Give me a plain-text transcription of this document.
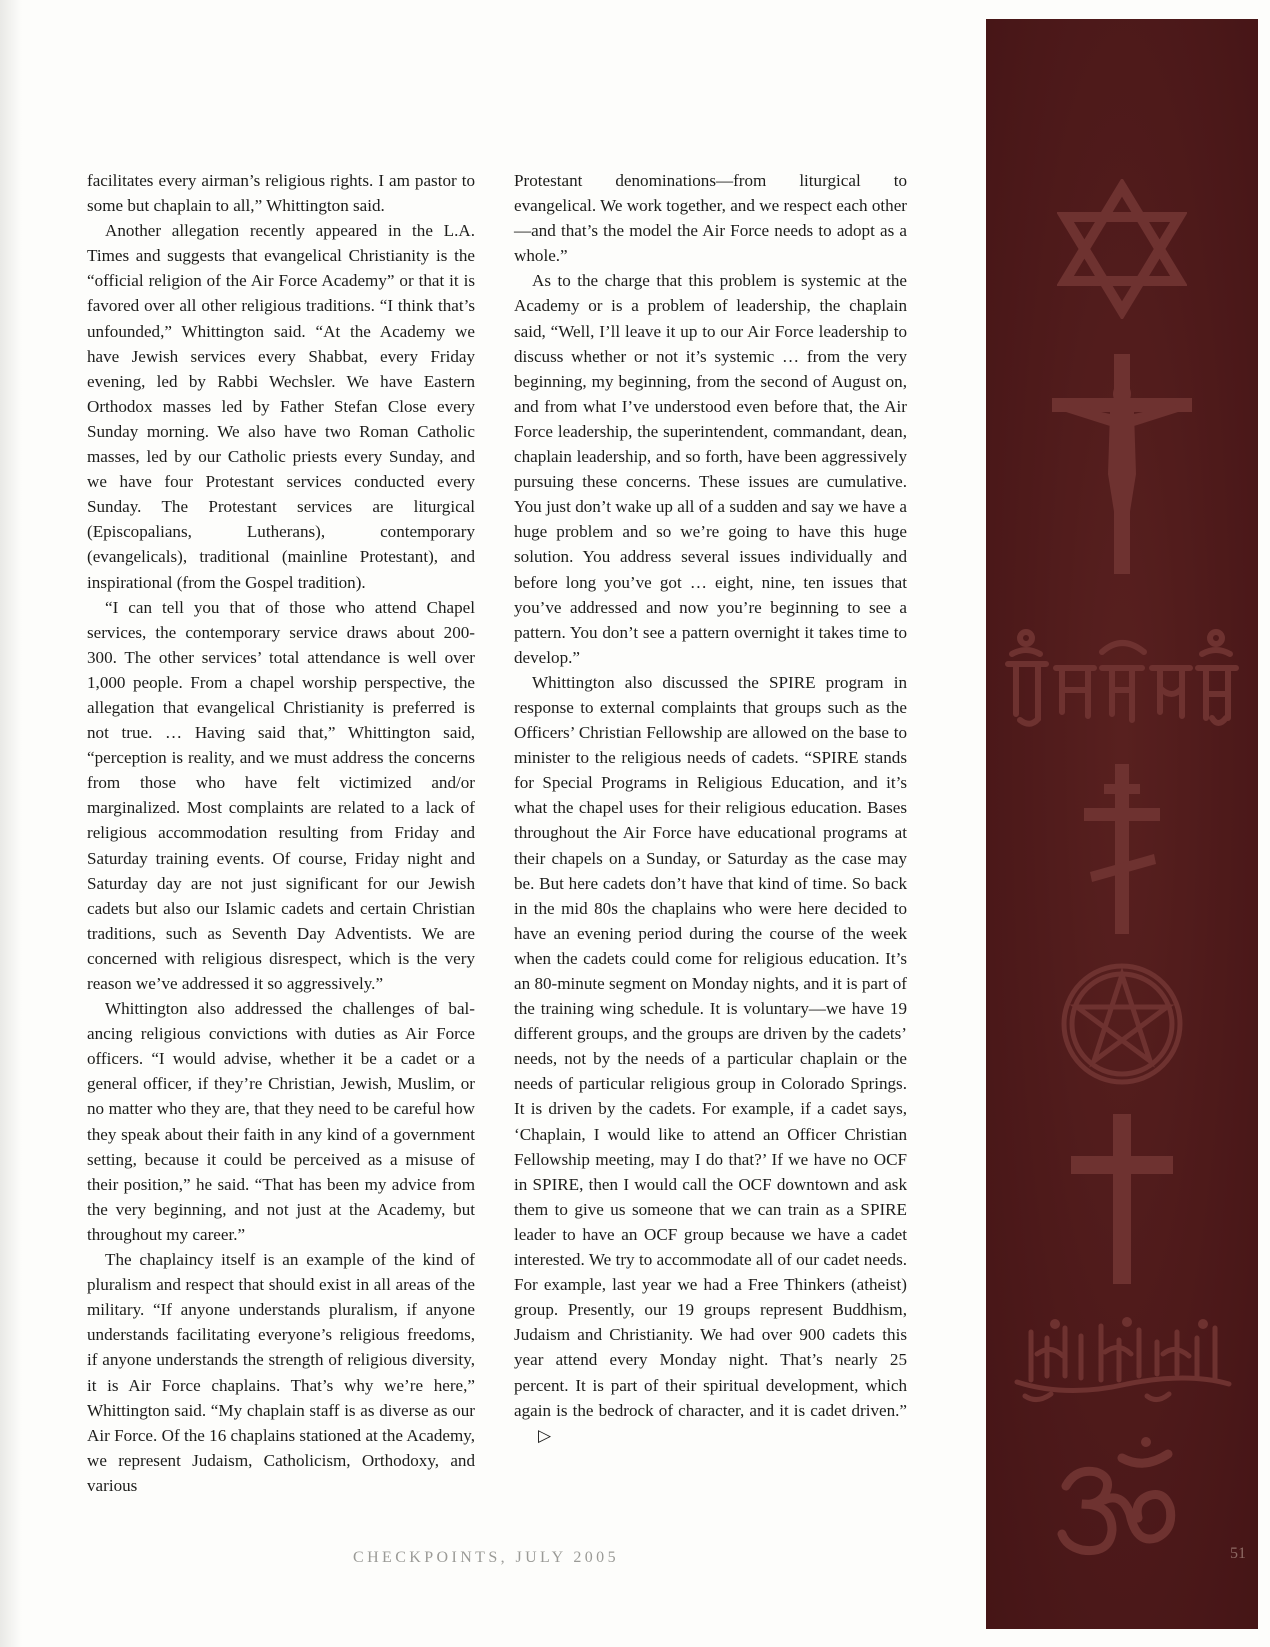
facilitates every airman’s religious rights. I am pastor to some but chaplain to all,” Whittington said.

Another allegation recently appeared in the L.A. Times and suggests that evangelical Christianity is the “official religion of the Air Force Academy” or that it is favored over all other religious traditions. “I think that’s unfounded,” Whittington said. “At the Academy we have Jewish services every Shabbat, every Friday evening, led by Rabbi Wechsler. We have Eastern Orthodox masses led by Father Stefan Close every Sunday morning. We also have two Roman Catholic masses, led by our Catholic priests every Sunday, and we have four Protestant services conducted every Sunday. The Protestant services are liturgical (Episcopalians, Lutherans), contemporary (evangelicals), traditional (mainline Protestant), and inspirational (from the Gospel tradition).

“I can tell you that of those who attend Chapel services, the contemporary service draws about 200-300. The other services’ total attendance is well over 1,000 people. From a chapel worship perspective, the allegation that evangelical Christianity is preferred is not true. … Having said that,” Whittington said, “perception is reality, and we must address the concerns from those who have felt victimized and/or marginalized. Most complaints are related to a lack of religious accommodation resulting from Friday and Saturday training events. Of course, Friday night and Saturday day are not just significant for our Jewish cadets but also our Islamic cadets and certain Christian traditions, such as Seventh Day Adventists. We are concerned with religious disrespect, which is the very reason we’ve addressed it so aggressively.”

Whittington also addressed the challenges of balancing religious convictions with duties as Air Force officers. “I would advise, whether it be a cadet or a general officer, if they’re Christian, Jewish, Muslim, or no matter who they are, that they need to be careful how they speak about their faith in any kind of a government setting, because it could be perceived as a misuse of their position,” he said. “That has been my advice from the very beginning, and not just at the Academy, but throughout my career.”

The chaplaincy itself is an example of the kind of pluralism and respect that should exist in all areas of the military. “If anyone understands pluralism, if anyone understands facilitating everyone’s religious freedoms, if anyone understands the strength of religious diversity, it is Air Force chaplains. That’s why we’re here,” Whittington said. “My chaplain staff is as diverse as our Air Force. Of the 16 chaplains stationed at the Academy, we represent Judaism, Catholicism, Orthodoxy, and various

Protestant denominations—from liturgical to evangelical. We work together, and we respect each other—and that’s the model the Air Force needs to adopt as a whole.”

As to the charge that this problem is systemic at the Academy or is a problem of leadership, the chaplain said, “Well, I’ll leave it up to our Air Force leadership to discuss whether or not it’s systemic … from the very beginning, my beginning, from the second of August on, and from what I’ve understood even before that, the Air Force leadership, the superintendent, commandant, dean, chaplain leadership, and so forth, have been aggressively pursuing these concerns. These issues are cumulative. You just don’t wake up all of a sudden and say we have a huge problem and so we’re going to have this huge solution. You address several issues individually and before long you’ve got … eight, nine, ten issues that you’ve addressed and now you’re beginning to see a pattern. You don’t see a pattern overnight it takes time to develop.”

Whittington also discussed the SPIRE program in response to external complaints that groups such as the Officers’ Christian Fellowship are allowed on the base to minister to the religious needs of cadets. “SPIRE stands for Special Programs in Religious Education, and it’s what the chapel uses for their religious education. Bases throughout the Air Force have educational programs at their chapels on a Sunday, or Saturday as the case may be. But here cadets don’t have that kind of time. So back in the mid 80s the chaplains who were here decided to have an evening period during the course of the week when the cadets could come for religious education. It’s an 80-minute segment on Monday nights, and it is part of the training wing schedule. It is voluntary—we have 19 different groups, and the groups are driven by the cadets’ needs, not by the needs of a particular chaplain or the needs of particular religious group in Colorado Springs. It is driven by the cadets. For example, if a cadet says, ‘Chaplain, I would like to attend an Officer Christian Fellowship meeting, may I do that?’ If we have no OCF in SPIRE, then I would call the OCF downtown and ask them to give us someone that we can train as a SPIRE leader to have an OCF group because we have a cadet interested. We try to accommodate all of our cadet needs. For example, last year we had a Free Thinkers (atheist) group. Presently, our 19 groups represent Buddhism, Judaism and Christianity. We had over 900 cadets this year attend every Monday night. That’s nearly 25 percent. It is part of their spiritual development, which again is the bedrock of character, and it is cadet driven.”▷

CHECKPOINTS, JULY 2005	51
